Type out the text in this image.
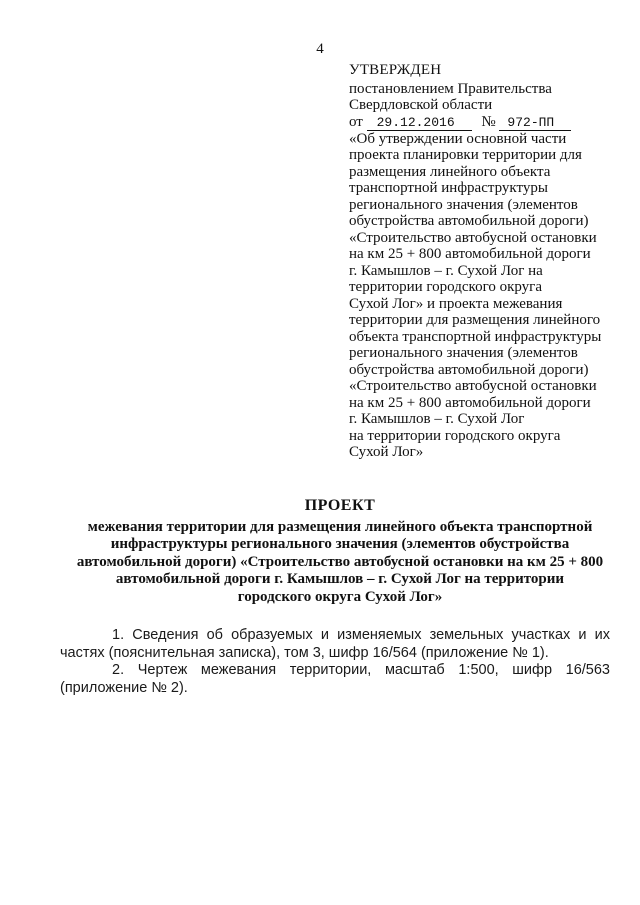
4
УТВЕРЖДЕН
постановлением Правительства
Свердловской области
от 29.12.2016 № 972-ПП
«Об утверждении основной части
проекта планировки территории для
размещения линейного объекта
транспортной инфраструктуры
регионального значения (элементов
обустройства автомобильной дороги)
«Строительство автобусной остановки
на км 25 + 800 автомобильной дороги
г. Камышлов – г. Сухой Лог на
территории городского округа
Сухой Лог» и проекта межевания
территории для размещения линейного
объекта транспортной инфраструктуры
регионального значения (элементов
обустройства автомобильной дороги)
«Строительство автобусной остановки
на км 25 + 800 автомобильной дороги
г. Камышлов – г. Сухой Лог
на территории городского округа
Сухой Лог»
ПРОЕКТ
межевания территории для размещения линейного объекта транспортной
инфраструктуры регионального значения (элементов обустройства
автомобильной дороги) «Строительство автобусной остановки на км 25 + 800
автомобильной дороги г. Камышлов – г. Сухой Лог на территории
городского округа Сухой Лог»

1. Сведения об образуемых и изменяемых земельных участках и их частях (пояснительная записка), том 3, шифр 16/564 (приложение № 1).

2. Чертеж межевания территории, масштаб 1:500, шифр 16/563 (приложение № 2).
